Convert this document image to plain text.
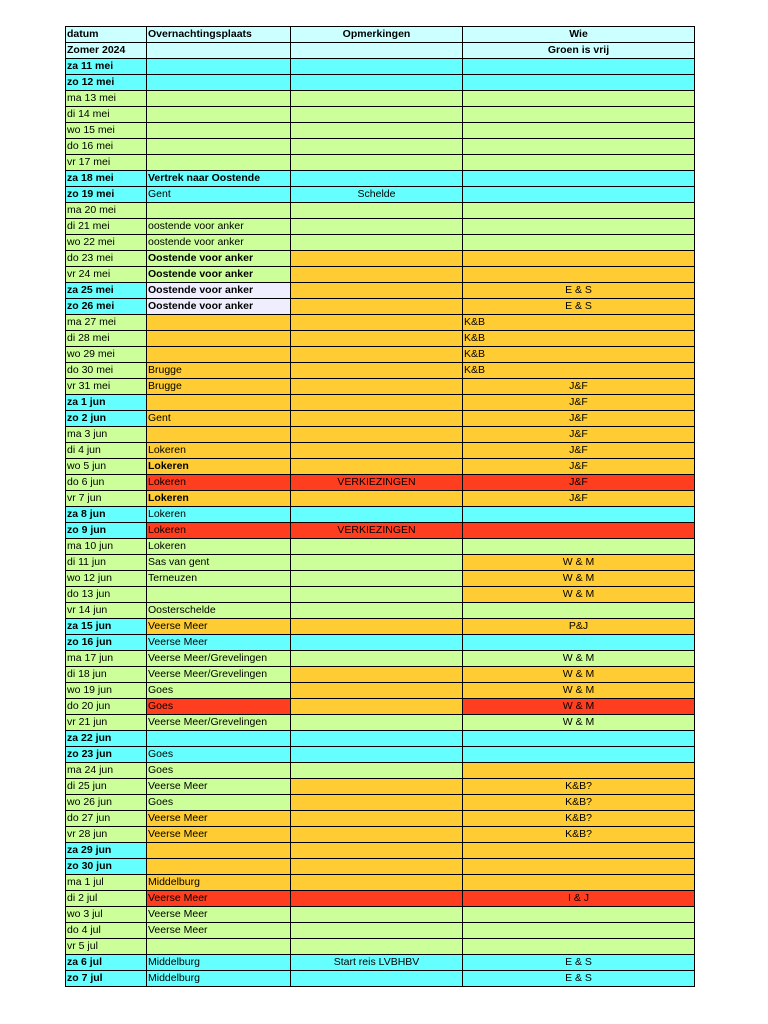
datum	Overnachtingsplaats	Opmerkingen	Wie
Zomer 2024			Groen is vrij
za 11 mei			
zo 12 mei			
ma 13 mei			
di 14 mei			
wo 15 mei			
do 16 mei			
vr 17 mei			
za 18 mei	Vertrek naar Oostende		
zo 19 mei	Gent	Schelde	
ma 20 mei			
di 21 mei	oostende voor anker		
wo 22 mei	oostende voor anker		
do 23 mei	Oostende voor anker		
vr 24 mei	Oostende voor anker		
za 25 mei	Oostende voor anker		E & S
zo 26 mei	Oostende voor anker		E & S
ma 27 mei			K&B
di 28 mei			K&B
wo 29 mei			K&B
do 30 mei	Brugge		K&B
vr 31 mei	Brugge		J&F
za 1 jun			J&F
zo 2 jun	Gent		J&F
ma 3 jun			J&F
di 4 jun	Lokeren		J&F
wo 5 jun	Lokeren		J&F
do 6 jun	Lokeren	VERKIEZINGEN	J&F
vr 7 jun	Lokeren		J&F
za 8 jun	Lokeren		
zo 9 jun	Lokeren	VERKIEZINGEN	
ma 10 jun	Lokeren		
di 11 jun	Sas van gent		W & M
wo 12 jun	Terneuzen		W & M
do 13 jun			W & M
vr 14 jun	Oosterschelde		
za 15 jun	Veerse Meer		P&J
zo 16 jun	Veerse Meer		
ma 17 jun	Veerse Meer/Grevelingen		W & M
di 18 jun	Veerse Meer/Grevelingen		W & M
wo 19 jun	Goes		W & M
do 20 jun	Goes		W & M
vr 21 jun	Veerse Meer/Grevelingen		W & M
za 22 jun			
zo 23 jun	Goes		
ma 24 jun	Goes		
di 25 jun	Veerse Meer		K&B?
wo 26 jun	Goes		K&B?
do 27 jun	Veerse Meer		K&B?
vr 28 jun	Veerse Meer		K&B?
za 29 jun			
zo 30 jun			
ma 1 jul	Middelburg		
di 2 jul	Veerse Meer		I & J
wo 3 jul	Veerse Meer		
do 4 jul	Veerse Meer		
vr 5 jul			
za 6 jul	Middelburg	Start reis LVBHBV	E & S
zo 7 jul	Middelburg		E & S
